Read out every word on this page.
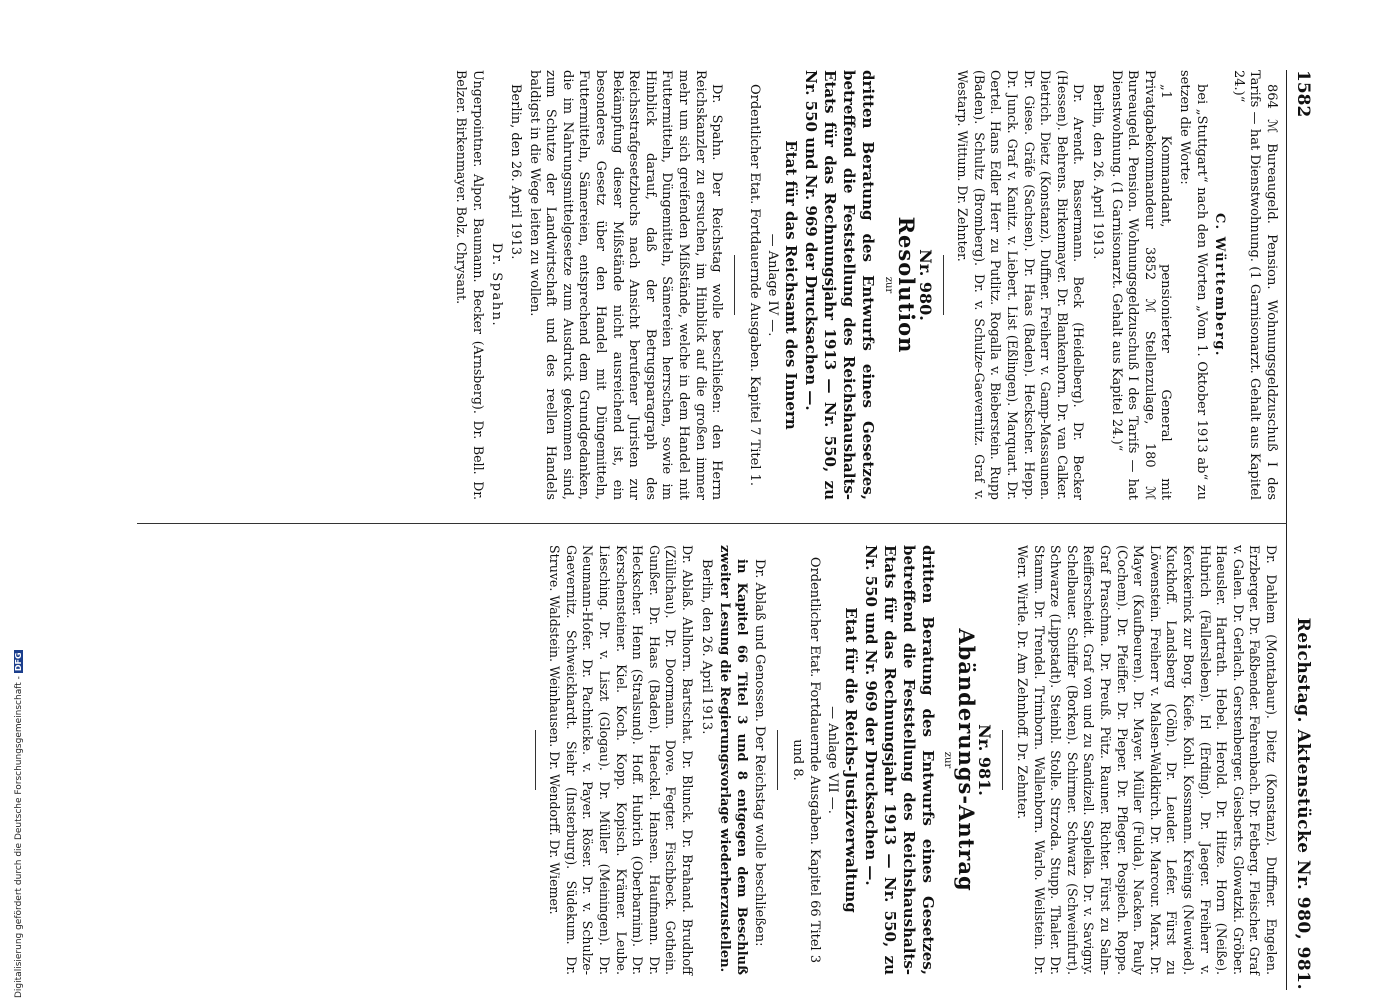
1582
Reichstag. Aktenstücke Nr. 980, 981.

864 ℳ Bureaugeld. Pension. Wohnungsgeldzuschuß I des Tarifs — hat Dienstwohnung. (1 Garnisonarzt. Gehalt aus Kapitel 24.)“

C. Württemberg.

bei „Stuttgart“ nach den Worten „Vom 1. Oktober 1913 ab“ zu setzen die Worte:

„1 Kommandant, pensionierter General mit Privatgabekommandeur 3852 ℳ Stellenzulage, 180 ℳ Bureaugeld. Pension. Wohnungsgeldzuschuß I des Tarifs — hat Dienstwohnung. (1 Garnisonarzt. Gehalt aus Kapitel 24.)“

Berlin, den 26. April 1913.

Dr. Arendt. Bassermann. Beck (Heidelberg). Dr. Becker (Hessen). Behrens. Birkenmayer. Dr. Blankenhorn. Dr. van Calker. Dietrich. Dietz (Konstanz). Duffner. Freiherr v. Gamp-Massaunen. Dr. Giese. Gräfe (Sachsen). Dr. Haas (Baden). Heckscher. Hepp. Dr. Junck. Graf v. Kanitz. v. Liebert. List (Eßlingen). Marquart. Dr. Oertel. Hans Edler Herr zu Putlitz. Rogalla v. Bieberstein. Rupp (Baden). Schultz (Bromberg). Dr. v. Schulze-Gaevernitz. Graf v. Westarp. Wittum. Dr. Zehnter.

Nr. 980.

Resolution

zur

dritten Beratung des Entwurfs eines Gesetzes, betreffend die Feststellung des Reichshaushalts-Etats für das Rechnungsjahr 1913 — Nr. 550, zu Nr. 550 und Nr. 969 der Drucksachen —.

Etat für das Reichsamt des Innern

— Anlage IV —.

Ordentlicher Etat. Fortdauernde Ausgaben. Kapitel 7 Titel 1.

Dr. Spahn. Der Reichstag wolle beschließen: den Herrn Reichskanzler zu ersuchen, im Hinblick auf die großen immer mehr um sich greifenden Mißstände, welche in dem Handel mit Futtermitteln, Düngemitteln, Sämereien herrschen, sowie im Hinblick darauf, daß der Betrugsparagraph des Reichsstrafgesetzbuchs nach Ansicht berufener Juristen zur Bekämpfung dieser Mißstände nicht ausreichend ist, ein besonderes Gesetz über den Handel mit Düngemitteln, Futtermitteln, Sämereien, entsprechend dem Grundgedanken, die im Nahrungsmittelgesetze zum Ausdruck gekommen sind, zum Schutze der Landwirtschaft und des reellen Handels baldigst in die Wege leiten zu wollen.

Berlin, den 26. April 1913.

Dr. Spahn.

Ungerpointner. Alpor. Baumann. Becker (Arnsberg). Dr. Bell. Dr. Belzer. Birkenmayer. Bolz. Chrysant.

Dr. Dahlem (Montabaur). Dietz (Konstanz). Duffner. Engelen. Erzberger. Dr. Faßbender. Fehrenbach. Dr. Fetberg. Fleischer. Graf v. Galen. Dr. Gerlach. Gerstenberger. Giesberts. Glowatzki. Gröber. Haeusler. Hartrath. Hebel. Herold. Dr. Hitze. Horn (Neiße). Hubrich (Fallersleben). Irl (Erding). Dr. Jaeger. Freiherr v. Kerckerinck zur Borg. Kiefe. Kohl. Kossmann. Kreings (Neuwied). Kuckhoff. Landsberg (Cöln). Dr. Leuder. Lefer. Fürst zu Löwenstein. Freiherr v. Malsen-Waldkirch. Dr. Marcour. Marx. Dr. Mayer (Kaufbeuren). Dr. Mayer. Müller (Fulda). Nacken. Pauly (Cochem). Dr. Pfeiffer. Dr. Pieper. Dr. Pfleger. Pospiech. Roppe. Graf Praschma. Dr. Preuß. Pütz. Rauner. Richter. Fürst zu Salm-Reifferscheidt. Graf von und zu Sandizell. Saplelka. Dr. v. Savigny. Schelbauer. Schiffer (Borken). Schirmer. Schwarz (Schweinfurt). Schwarze (Lippstadt). Steinbl. Stolle. Strzoda. Stupp. Thaler. Dr. Stamm. Dr. Trendel. Trimborn. Wallenborn. Warlo. Weilstein. Dr. Werr. Wirtle. Dr. Am Zehnhoff. Dr. Zehnter.

Nr. 981.

Abänderungs-Antrag

zur

dritten Beratung des Entwurfs eines Gesetzes, betreffend die Feststellung des Reichshaushalts-Etats für das Rechnungsjahr 1913 — Nr. 550, zu Nr. 550 und Nr. 969 der Drucksachen —.

Etat für die Reichs-Justizverwaltung

— Anlage VII —.

Ordentlicher Etat. Fortdauernde Ausgaben. Kapitel 66 Titel 3 und 8.

Dr. Ablaß und Genossen. Der Reichstag wolle beschließen:

in Kapitel 66 Titel 3 und 8 entgegen dem Beschluß zweiter Lesung die Regierungsvorlage wiederherzustellen.

Berlin, den 26. April 1913.

Dr. Ablaß. Ahlhorn. Bartschat. Dr. Blunck. Dr. Brahand. Brudhoff (Züllichau). Dr. Doormann. Dove. Fegter. Fischbeck. Gothein. Gunßer. Dr. Haas (Baden). Haeckel. Hansen. Haufmann. Dr. Heckscher. Henn (Stralsund). Hoff. Hubrich (Oberbarnim). Dr. Kerschensteiner. Kiel. Koch. Kopp. Kopisch. Krämer. Leube. Liesching. Dr. v. Liszt (Glogau). Dr. Müller (Meiningen). Dr. Neumann-Hofer. Dr. Pachnicke. v. Payer. Röser. Dr. v. Schulze-Gaevernitz. Schweickhardt. Siehr (Insterburg). Südekum. Dr. Struve. Waldstein. Weinhausen. Dr. Wendorff. Dr. Wiemer.

Digitalisierung gefördert durch die Deutsche Forschungsgemeinschaft -DFG
